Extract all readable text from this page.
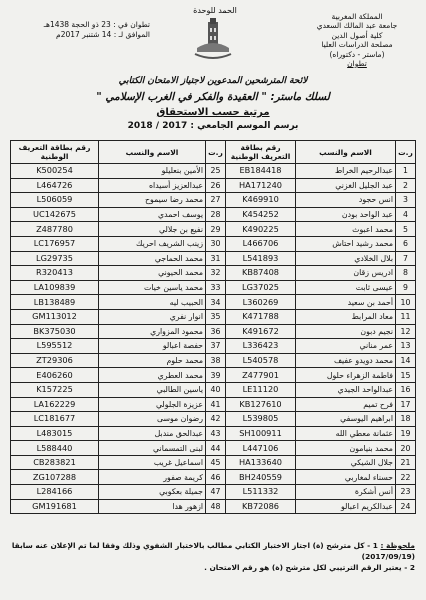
الحمد للوحدة
المملكة المغربية
جامعة عبد المالك السعدي
كلية أصول الدين
مصلحة الدراسات العليا
(ماستر - دكتوراه)
تطوان
تطوان في : 23 ذو الحجة 1438هـ
الموافق لـ : 14 شتنبر 2017م
لائحة المترشحين المدعوين لاجتياز الامتحان الكتابي
لسلك ماستر: " العقيدة والفكر في الغرب الإسلامي "
مرتبة حسب الاستحقاق
برسم الموسم الجامعي : 2017 / 2018
ر.ت	الاسم والنسب	رقم بطاقة التعريف الوطنية	ر.ت	الاسم والنسب	رقم بطاقة التعريف الوطنية
1	عبدالرحيم الخراط	EB184418	25	الأمين بنعليلو	K500254
2	عبد الجليل الغزني	HA171240	26	عبدالعزيز أسيداه	L464726
3	انس حجود	K469910	27	محمد رضا سيموح	L506059
4	عبد الواحد بودن	K454252	28	يوسف احمدي	UC142675
5	محمد اعبوث	K490225	29	نفيع بن جلالي	Z487780
6	محمد رشيد احتاش	L466706	30	زينب الشريف احريك	LC176957
7	بلال الخلادي	L541893	31	محمد الحماجي	LG29735
8	ادريس زقان	KB87408	32	محمد الحيوني	R320413
9	عيسى ثابت	LG37025	33	محمد ياسين خيات	LA109839
10	أحمد بن سعيد	L360269	34	الحبيب ليه	LB138489
11	معاد المرابط	K471788	35	انوار نفري	GM113012
12	نجيم دبون	K491672	36	محمود المزواري	BK375030
13	عمر مناني	L336423	37	حفصة اعبالو	L595512
14	محمد دويدو عفيف	L540578	38	محمد حلوم	ZT29306
15	فاطمة الزهراء حلول	Z477901	39	محمد العطري	E406260
16	عبدالواحد الجيدي	LE11120	40	ياسين الطالبي	K157225
17	فرح تميم	KB127610	41	عزيزة الجلولي	LA162229
18	ابراهيم اليوسفي	L539805	42	رضوان موسى	LC181677
19	عثمانة معطي الله	SH100911	43	عبدالحق مندبل	L483015
20	محمد بنيامون	L447106	44	لبنى التمسماني	L588440
21	جلال الشيكي	HA133640	45	اسماعيل غريب	CB283821
22	حسناء لمغاربي	BH240559	46	كريمة صفور	ZG107288
23	أنس أشكرة	L511332	47	جميلة بعكوبي	L284166
24	عبدالكريم اعبالو	KB72086	48	ازهور هدا	GM191681
ملحوظة : 1 - كل مترشح (ة) اجتاز الاختبار الكتابي مطالب بالاختبار الشفوي وذلك وفقا لما تم الإعلان عنه سابقا (2017/09/19)
2 - يعتبر الرقم الترتيبي لكل مترشح (ة) هو رقم الامتحان .
